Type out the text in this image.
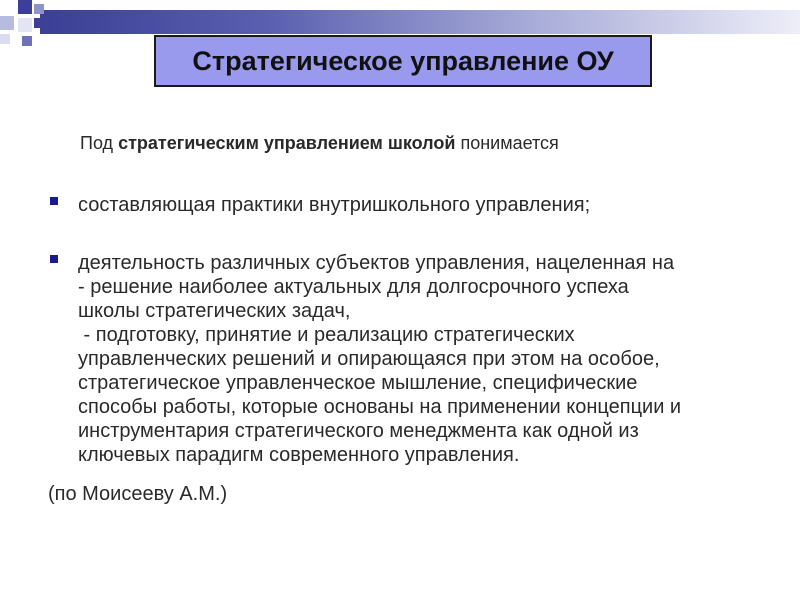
Стратегическое управление ОУ
Под стратегическим управлением школой понимается
составляющая практики внутришкольного управления;
деятельность различных субъектов управления, нацеленная на
- решение наиболее актуальных для долгосрочного успеха
школы стратегических задач,
- подготовку, принятие и реализацию стратегических
управленческих решений и опирающаяся при этом на особое,
стратегическое управленческое мышление, специфические
способы работы, которые основаны на применении концепции и
инструментария стратегического менеджмента как одной из
ключевых парадигм современного управления.
(по Моисееву А.М.)
